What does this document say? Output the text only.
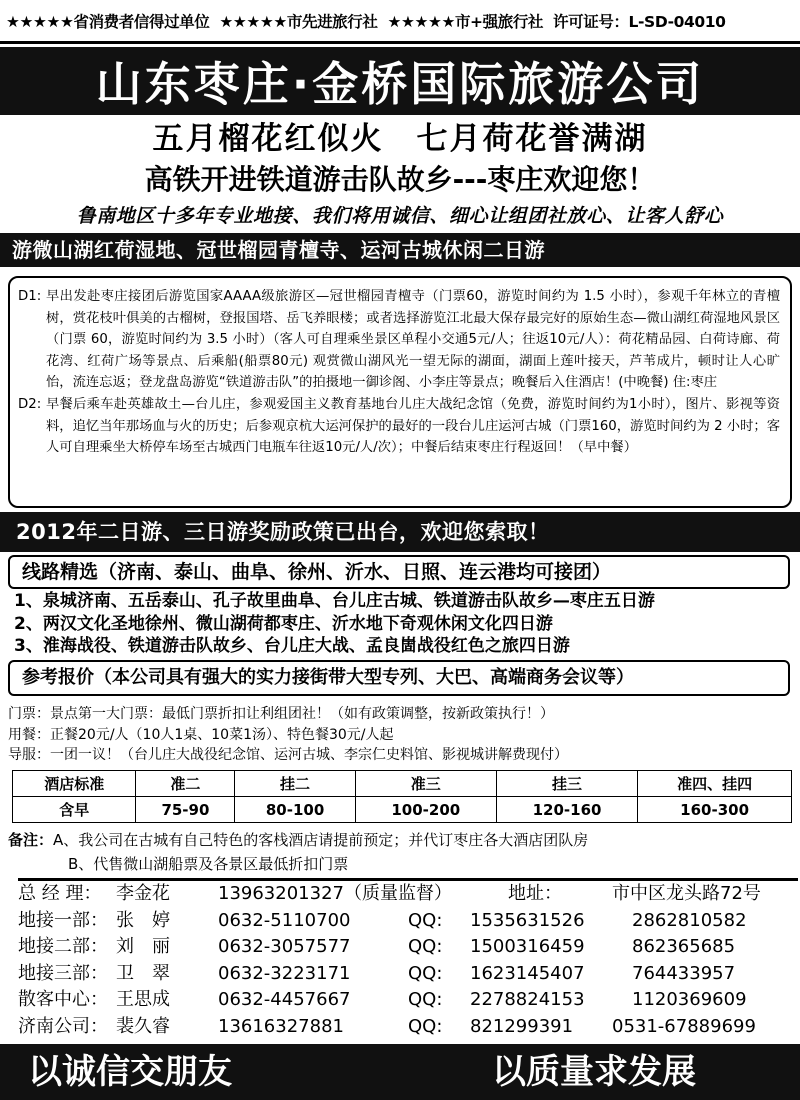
★★★★★省消费者信得过单位 ★★★★★市先进旅行社 ★★★★★市+强旅行社 许可证号：L-SD-04010
山东枣庄·金桥国际旅游公司
五月榴花红似火　七月荷花誉满湖
高铁开进铁道游击队故乡---枣庄欢迎您！
鲁南地区十多年专业地接、我们将用诚信、细心让组团社放心、让客人舒心
游微山湖红荷湿地、冠世榴园青檀寺、运河古城休闲二日游
D1: 早出发赴枣庄接团后游览国家AAAA级旅游区—冠世榴园青檀寺（门票60，游览时间约为 1.5 小时），参观千年林立的青檀树，赏花枝叶俱美的古榴树，登报国塔、岳飞养眼楼；或者选择游览江北最大保存最完好的原始生态—微山湖红荷湿地风景区（门票 60，游览时间约为 3.5 小时）（客人可自理乘坐景区单程小交通5元/人；往返10元/人）：荷花精品园、白荷诗廊、荷花湾、红荷广场等景点、后乘船(船票80元) 观赏微山湖风光一望无际的湖面，湖面上莲叶接天，芦苇成片，顿时让人心旷怡，流连忘返；登龙盘岛游览“铁道游击队”的拍摄地一御诊阁、小李庄等景点；晚餐后入住酒店！(中晚餐) 住:枣庄
D2: 早餐后乘车赴英雄故土—台儿庄，参观爱国主义教育基地台儿庄大战纪念馆（免费，游览时间约为1小时），图片、影视等资料，追忆当年那场血与火的历史；后参观京杭大运河保护的最好的一段台儿庄运河古城（门票160，游览时间约为 2 小时；客人可自理乘坐大桥停车场至古城西门电瓶车往返10元/人/次）；中餐后结束枣庄行程返回！（早中餐）
2012年二日游、三日游奖励政策已出台，欢迎您索取！
线路精选（济南、泰山、曲阜、徐州、沂水、日照、连云港均可接团）
1、泉城济南、五岳泰山、孔子故里曲阜、台儿庄古城、铁道游击队故乡—枣庄五日游
2、两汉文化圣地徐州、微山湖荷都枣庄、沂水地下奇观休闲文化四日游
3、淮海战役、铁道游击队故乡、台儿庄大战、孟良崮战役红色之旅四日游
参考报价（本公司具有强大的实力接街带大型专列、大巴、高端商务会议等）
门票：景点第一大门票：最低门票折扣让利组团社！（如有政策调整，按新政策执行！）
用餐：正餐20元/人（10人1桌、10菜1汤）、特色餐30元/人起
导服：一团一议！（台儿庄大战役纪念馆、运河古城、李宗仁史料馆、影视城讲解费现付）
酒店标准	准二	挂二	准三	挂三	准四、挂四
含早	75-90	80-100	100-200	120-160	160-300
备注：A、我公司在古城有自己特色的客栈酒店请提前预定；并代订枣庄各大酒店团队房
B、代售微山湖船票及各景区最低折扣门票
总 经 理： 李金花	13963201327（质量监督）	地址：	市中区龙头路72号
地接一部： 张　婷	0632-5110700	QQ: 1535631526	2862810582
地接二部： 刘　丽	0632-3057577	QQ: 1500316459	862365685
地接三部： 卫　翠	0632-3223171	QQ: 1623145407	764433957
散客中心： 王思成	0632-4457667	QQ: 2278824153	1120369609
济南公司： 裴久睿	13616327881	QQ: 821299391 0531-67889699
以诚信交朋友	以质量求发展
